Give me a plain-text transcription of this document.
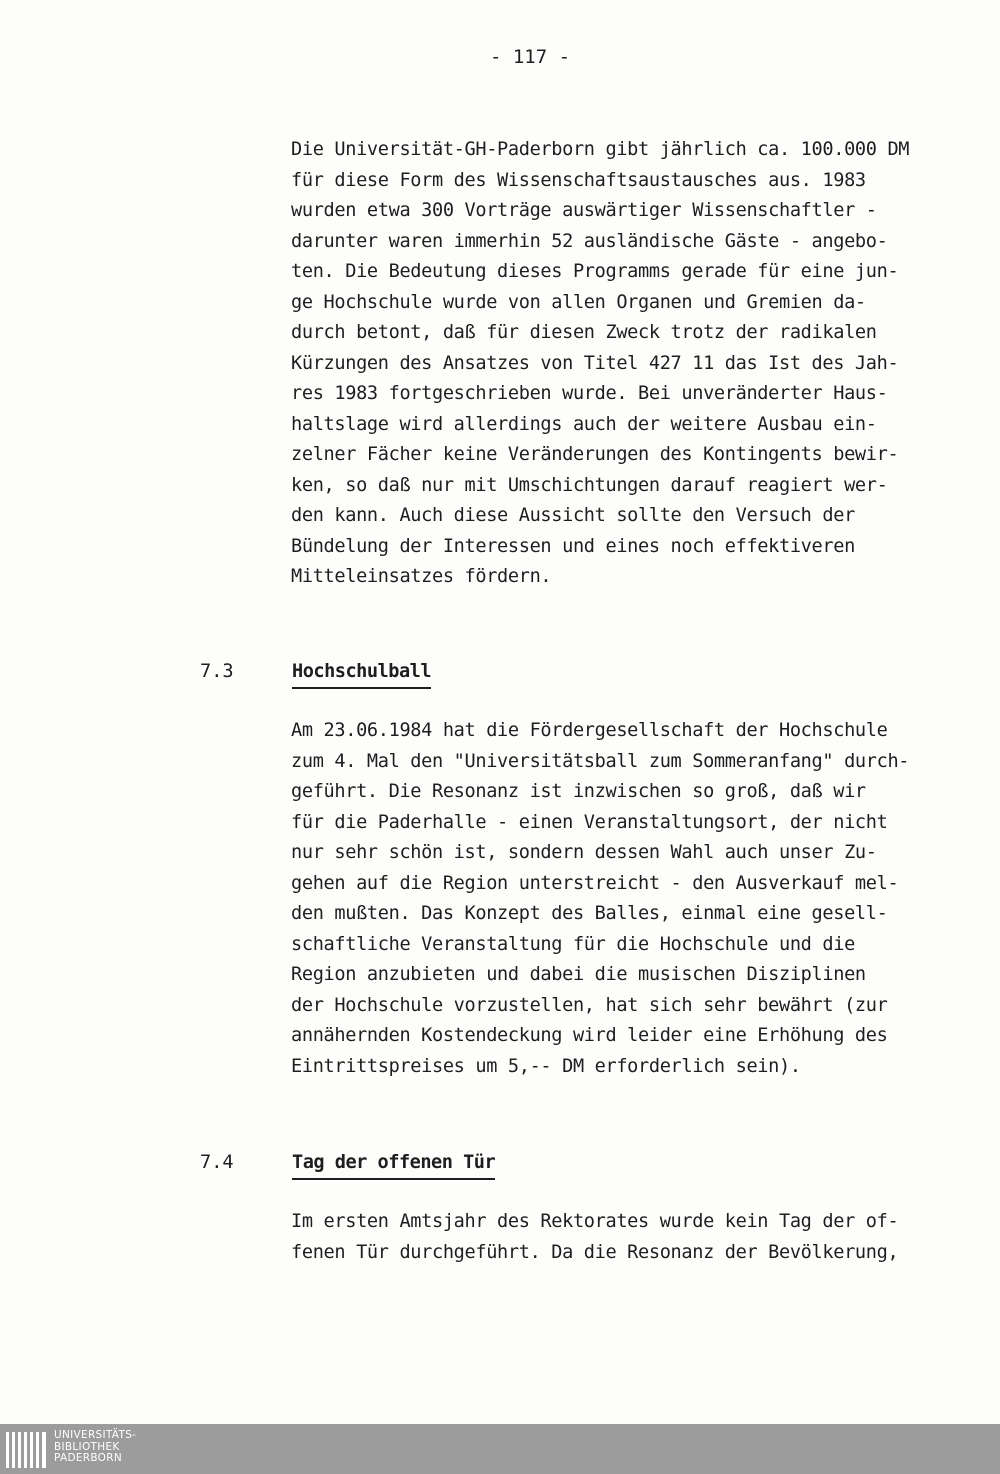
- 117 -
Die Universität-GH-Paderborn gibt jährlich ca. 100.000 DM
für diese Form des Wissenschaftsaustausches aus. 1983
wurden etwa 300 Vorträge auswärtiger Wissenschaftler -
darunter waren immerhin 52 ausländische Gäste - angebo-
ten. Die Bedeutung dieses Programms gerade für eine jun-
ge Hochschule wurde von allen Organen und Gremien da-
durch betont, daß für diesen Zweck trotz der radikalen
Kürzungen des Ansatzes von Titel 427 11 das Ist des Jah-
res 1983 fortgeschrieben wurde. Bei unveränderter Haus-
haltslage wird allerdings auch der weitere Ausbau ein-
zelner Fächer keine Veränderungen des Kontingents bewir-
ken, so daß nur mit Umschichtungen darauf reagiert wer-
den kann. Auch diese Aussicht sollte den Versuch der
Bündelung der Interessen und eines noch effektiveren
Mitteleinsatzes fördern.
7.3	Hochschulball
Am 23.06.1984 hat die Fördergesellschaft der Hochschule
zum 4. Mal den "Universitätsball zum Sommeranfang" durch-
geführt. Die Resonanz ist inzwischen so groß, daß wir
für die Paderhalle - einen Veranstaltungsort, der nicht
nur sehr schön ist, sondern dessen Wahl auch unser Zu-
gehen auf die Region unterstreicht - den Ausverkauf mel-
den mußten. Das Konzept des Balles, einmal eine gesell-
schaftliche Veranstaltung für die Hochschule und die
Region anzubieten und dabei die musischen Disziplinen
der Hochschule vorzustellen, hat sich sehr bewährt (zur
annähernden Kostendeckung wird leider eine Erhöhung des
Eintrittspreises um 5,-- DM erforderlich sein).
7.4	Tag der offenen Tür
Im ersten Amtsjahr des Rektorates wurde kein Tag der of-
fenen Tür durchgeführt. Da die Resonanz der Bevölkerung,
UNIVERSITÄTS-
BIBLIOTHEK
PADERBORN
